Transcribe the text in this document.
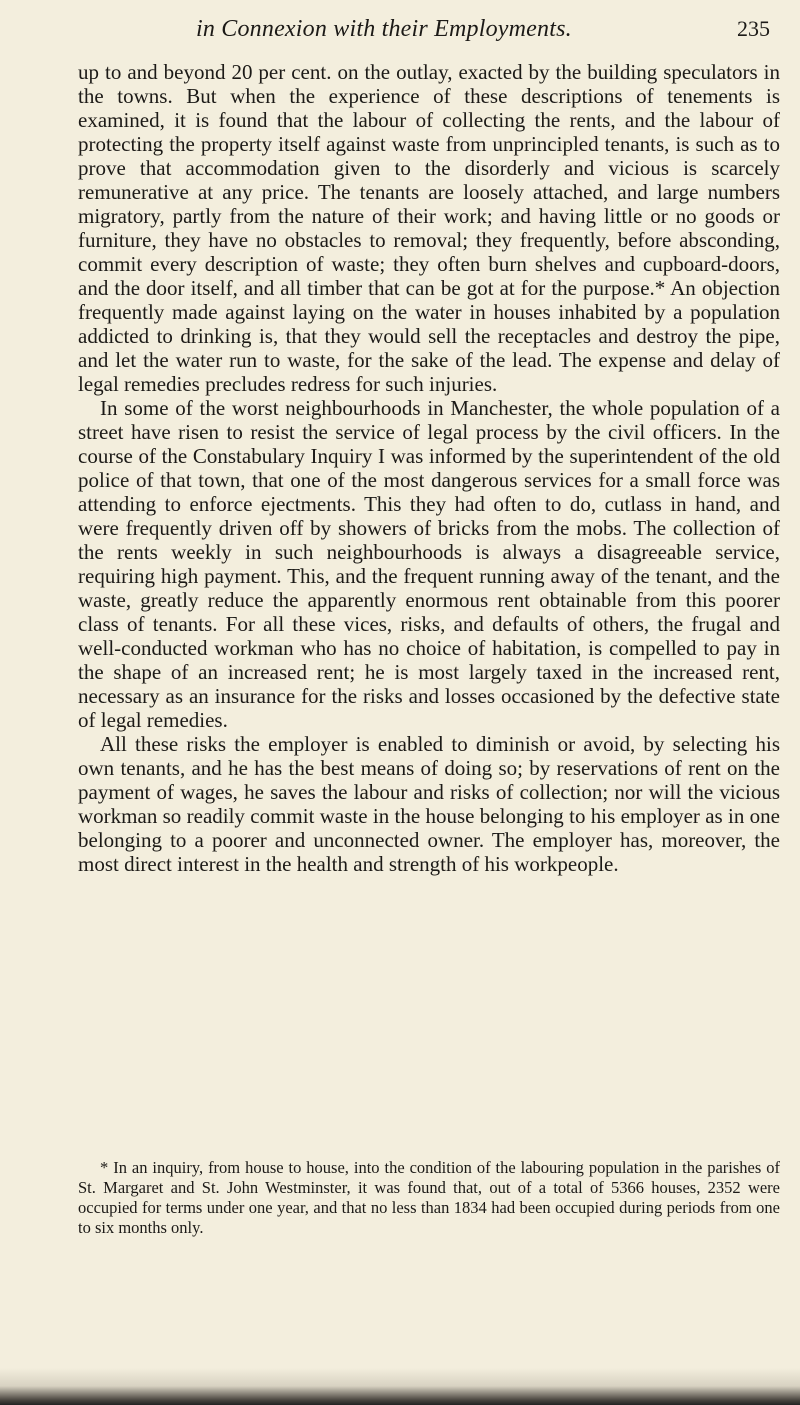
in Connexion with their Employments.	235

up to and beyond 20 per cent. on the outlay, exacted by the building speculators in the towns. But when the experience of these descriptions of tenements is examined, it is found that the labour of collecting the rents, and the labour of protecting the property itself against waste from unprincipled tenants, is such as to prove that accommodation given to the disorderly and vicious is scarcely remunerative at any price. The tenants are loosely attached, and large numbers migratory, partly from the nature of their work; and having little or no goods or furniture, they have no obstacles to removal; they frequently, before absconding, commit every description of waste; they often burn shelves and cupboard-doors, and the door itself, and all timber that can be got at for the purpose.* An objection frequently made against laying on the water in houses inhabited by a population addicted to drinking is, that they would sell the receptacles and destroy the pipe, and let the water run to waste, for the sake of the lead. The expense and delay of legal remedies precludes redress for such injuries.

In some of the worst neighbourhoods in Manchester, the whole population of a street have risen to resist the service of legal process by the civil officers. In the course of the Constabulary Inquiry I was informed by the superintendent of the old police of that town, that one of the most dangerous services for a small force was attending to enforce ejectments. This they had often to do, cutlass in hand, and were frequently driven off by showers of bricks from the mobs. The collection of the rents weekly in such neighbourhoods is always a disagreeable service, requiring high payment. This, and the frequent running away of the tenant, and the waste, greatly reduce the apparently enormous rent obtainable from this poorer class of tenants. For all these vices, risks, and defaults of others, the frugal and well-conducted workman who has no choice of habitation, is compelled to pay in the shape of an increased rent; he is most largely taxed in the increased rent, necessary as an insurance for the risks and losses occasioned by the defective state of legal remedies.

All these risks the employer is enabled to diminish or avoid, by selecting his own tenants, and he has the best means of doing so; by reservations of rent on the payment of wages, he saves the labour and risks of collection; nor will the vicious workman so readily commit waste in the house belonging to his employer as in one belonging to a poorer and unconnected owner. The employer has, moreover, the most direct interest in the health and strength of his workpeople.

* In an inquiry, from house to house, into the condition of the labouring population in the parishes of St. Margaret and St. John Westminster, it was found that, out of a total of 5366 houses, 2352 were occupied for terms under one year, and that no less than 1834 had been occupied during periods from one to six months only.
